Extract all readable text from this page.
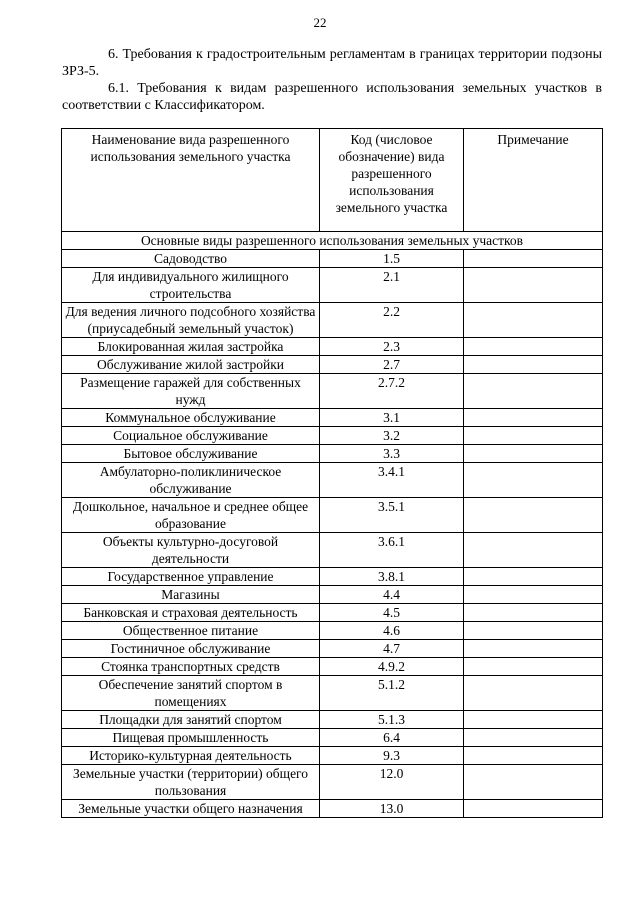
22

6. Требования к градостроительным регламентам в границах территории подзоны ЗРЗ-5.

6.1. Требования к видам разрешенного использования земельных участков в соответствии с Классификатором.

Наименование вида разрешенного использования земельного участка	Код (числовое обозначение) вида разрешенного использования земельного участка	Примечание
Основные виды разрешенного использования земельных участков		
Садоводство	1.5	
Для индивидуального жилищного строительства	2.1	
Для ведения личного подсобного хозяйства (приусадебный земельный участок)	2.2	
Блокированная жилая застройка	2.3	
Обслуживание жилой застройки	2.7	
Размещение гаражей для собственных нужд	2.7.2	
Коммунальное обслуживание	3.1	
Социальное обслуживание	3.2	
Бытовое обслуживание	3.3	
Амбулаторно-поликлиническое обслуживание	3.4.1	
Дошкольное, начальное и среднее общее образование	3.5.1	
Объекты культурно-досуговой деятельности	3.6.1	
Государственное управление	3.8.1	
Магазины	4.4	
Банковская и страховая деятельность	4.5	
Общественное питание	4.6	
Гостиничное обслуживание	4.7	
Стоянка транспортных средств	4.9.2	
Обеспечение занятий спортом в помещениях	5.1.2	
Площадки для занятий спортом	5.1.3	
Пищевая промышленность	6.4	
Историко-культурная деятельность	9.3	
Земельные участки (территории) общего пользования	12.0	
Земельные участки общего назначения	13.0	
